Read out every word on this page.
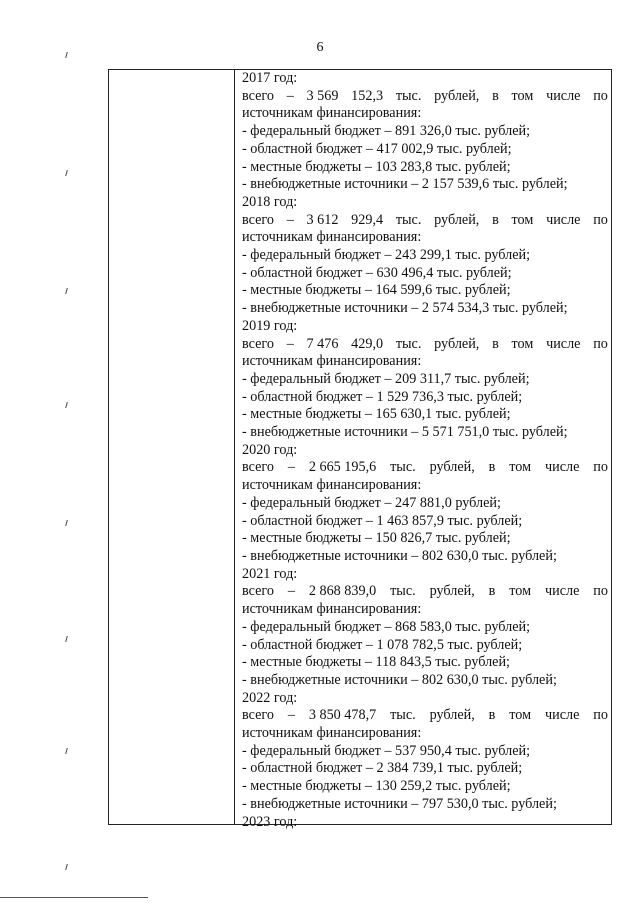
6
2017 год:
всего – 3 569 152,3 тыс. рублей, в том числе по
источникам финансирования:
- федеральный бюджет – 891 326,0 тыс. рублей;
- областной бюджет – 417 002,9 тыс. рублей;
- местные бюджеты – 103 283,8 тыс. рублей;
- внебюджетные источники – 2 157 539,6 тыс. рублей;
2018 год:
всего – 3 612 929,4 тыс. рублей, в том числе по
источникам финансирования:
- федеральный бюджет – 243 299,1 тыс. рублей;
- областной бюджет – 630 496,4 тыс. рублей;
- местные бюджеты – 164 599,6 тыс. рублей;
- внебюджетные источники – 2 574 534,3 тыс. рублей;
2019 год:
всего – 7 476 429,0 тыс. рублей, в том числе по
источникам финансирования:
- федеральный бюджет – 209 311,7 тыс. рублей;
- областной бюджет – 1 529 736,3 тыс. рублей;
- местные бюджеты – 165 630,1 тыс. рублей;
- внебюджетные источники – 5 571 751,0 тыс. рублей;
2020 год:
всего – 2 665 195,6 тыс. рублей, в том числе по
источникам финансирования:
- федеральный бюджет – 247 881,0 рублей;
- областной бюджет – 1 463 857,9 тыс. рублей;
- местные бюджеты – 150 826,7 тыс. рублей;
- внебюджетные источники – 802 630,0 тыс. рублей;
2021 год:
всего – 2 868 839,0 тыс. рублей, в том числе по
источникам финансирования:
- федеральный бюджет – 868 583,0 тыс. рублей;
- областной бюджет – 1 078 782,5 тыс. рублей;
- местные бюджеты – 118 843,5 тыс. рублей;
- внебюджетные источники – 802 630,0 тыс. рублей;
2022 год:
всего – 3 850 478,7 тыс. рублей, в том числе по
источникам финансирования:
- федеральный бюджет – 537 950,4 тыс. рублей;
- областной бюджет – 2 384 739,1 тыс. рублей;
- местные бюджеты – 130 259,2 тыс. рублей;
- внебюджетные источники – 797 530,0 тыс. рублей;
2023 год:
